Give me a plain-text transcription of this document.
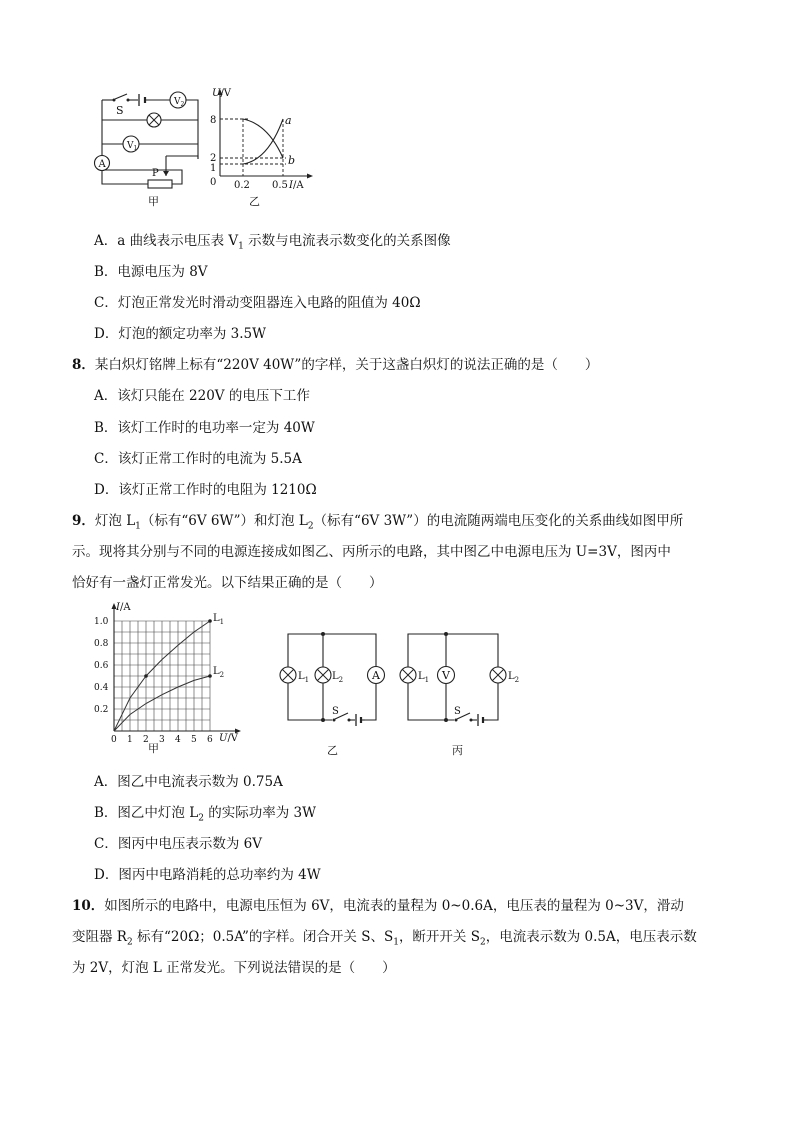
S
$V_2$
$V_1$
A
P
甲
U/V
8
2
1
0 0.2 0.5 I/A
a
b
乙
A．a 曲线表示电压表 $V_1$ 示数与电流表示数变化的关系图像
B．电源电压为 8V
C．灯泡正常发光时滑动变阻器连入电路的阻值为 40Ω
D．灯泡的额定功率为 3.5W
8．某白炽灯铭牌上标有“220V 40W”的字样，关于这盏白炽灯的说法正确的是（　　）
A．该灯只能在 220V 的电压下工作
B．该灯工作时的电功率一定为 40W
C．该灯正常工作时的电流为 5.5A
D．该灯正常工作时的电阻为 1210Ω
9．灯泡 $L_1$（标有“6V 6W”）和灯泡 $L_2$（标有“6V 3W”）的电流随两端电压变化的关系曲线如图甲所
示。现将其分别与不同的电源连接成如图乙、丙所示的电路，其中图乙中电源电压为 U=3V，图丙中
恰好有一盏灯正常发光。以下结果正确的是（　　）
I/A
U/V
甲
1.0
0.8
0.6
0.4
0.2
0 1 2 3 4 5 6
$L_1$
$L_2$
S
$L_1$ $L_2$	A
乙
S
$L_1$ V	$L_2$
丙
A．图乙中电流表示数为 0.75A
B．图乙中灯泡 $L_2$ 的实际功率为 3W
C．图丙中电压表示数为 6V
D．图丙中电路消耗的总功率约为 4W
10．如图所示的电路中，电源电压恒为 6V，电流表的量程为 0~0.6A，电压表的量程为 0~3V，滑动
变阻器 $R_2$ 标有“20Ω；0.5A”的字样。闭合开关 S、$S_1$，断开开关 $S_2$，电流表示数为 0.5A，电压表示数
为 2V，灯泡 L 正常发光。下列说法错误的是（　　）
